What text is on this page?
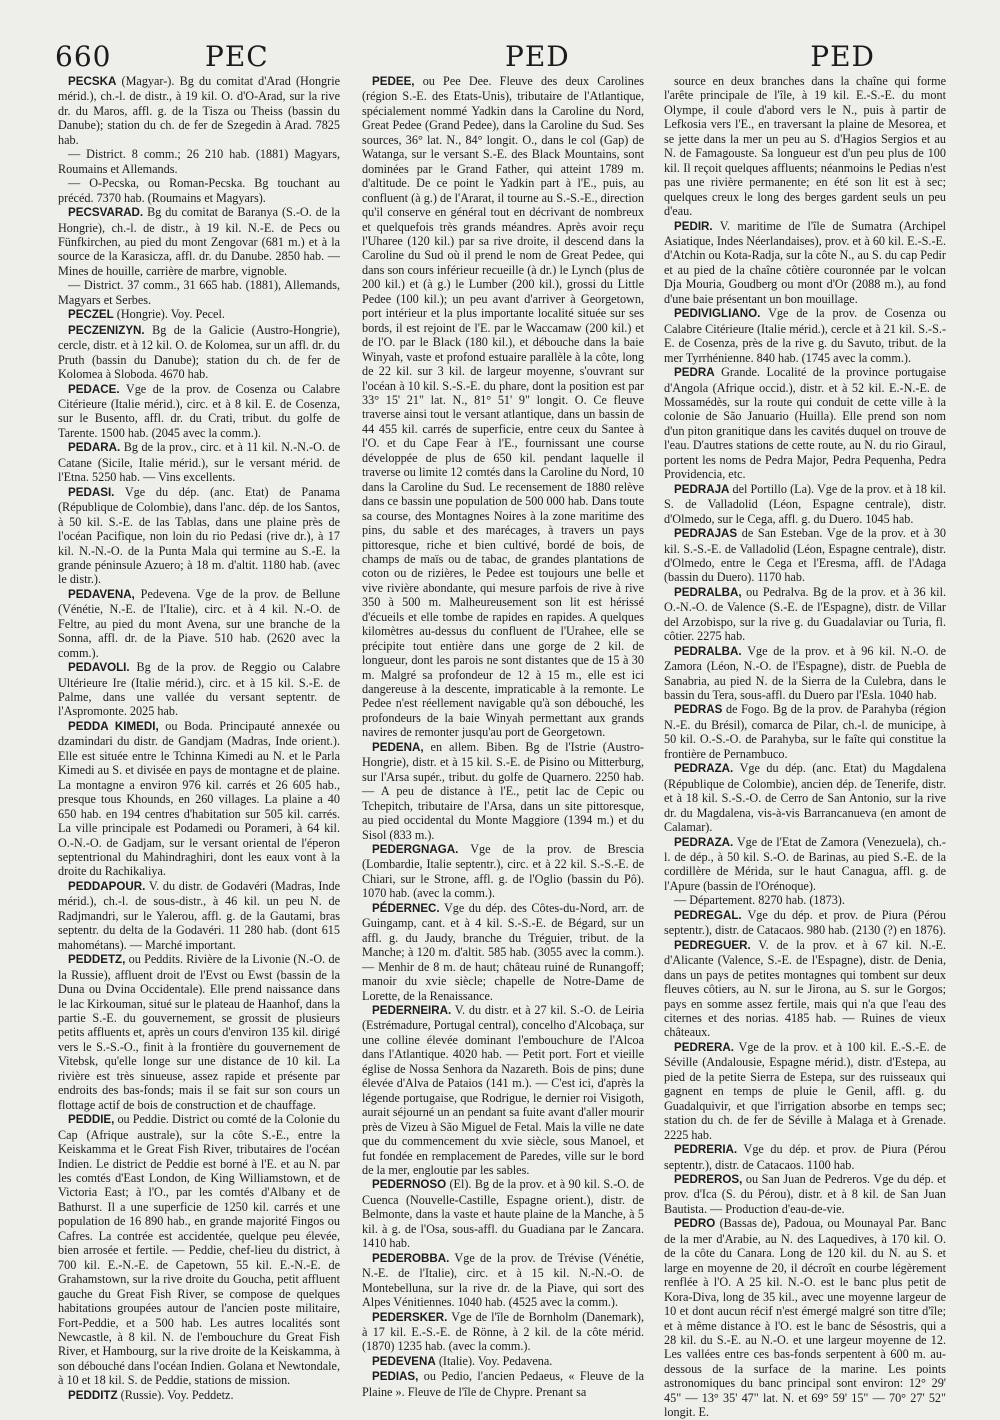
660	PEC	PED	PED

PECSKA (Magyar-). Bg du comitat d'Arad (Hongrie mérid.), ch.-l. de distr., à 19 kil. O. d'O-Arad, sur la rive dr. du Maros, affl. g. de la Tisza ou Theiss (bassin du Danube); station du ch. de fer de Szegedin à Arad. 7825 hab.

— District. 8 comm.; 26 210 hab. (1881) Magyars, Roumains et Allemands.

— O-Pecska, ou Roman-Pecska. Bg touchant au précéd. 7370 hab. (Roumains et Magyars).

PECSVARAD. Bg du comitat de Baranya (S.-O. de la Hongrie), ch.-l. de distr., à 19 kil. N.-E. de Pecs ou Fünfkirchen, au pied du mont Zengovar (681 m.) et à la source de la Karasicza, affl. dr. du Danube. 2850 hab. — Mines de houille, carrière de marbre, vignoble.

— District. 37 comm., 31 665 hab. (1881), Allemands, Magyars et Serbes.

PECZEL (Hongrie). Voy. Pecel.

PECZENIZYN. Bg de la Galicie (Austro-Hongrie), cercle, distr. et à 12 kil. O. de Kolomea, sur un affl. dr. du Pruth (bassin du Danube); station du ch. de fer de Kolomea à Sloboda. 4670 hab.

PEDACE. Vge de la prov. de Cosenza ou Calabre Citérieure (Italie mérid.), circ. et à 8 kil. E. de Cosenza, sur le Busento, affl. dr. du Crati, tribut. du golfe de Tarente. 1500 hab. (2045 avec la comm.).

PEDARA. Bg de la prov., circ. et à 11 kil. N.-N.-O. de Catane (Sicile, Italie mérid.), sur le versant mérid. de l'Etna. 5250 hab. — Vins excellents.

PEDASI. Vge du dép. (anc. Etat) de Panama (République de Colombie), dans l'anc. dép. de los Santos, à 50 kil. S.-E. de las Tablas, dans une plaine près de l'océan Pacifique, non loin du rio Pedasi (rive dr.), à 17 kil. N.-N.-O. de la Punta Mala qui termine au S.-E. la grande péninsule Azuero; à 18 m. d'altit. 1180 hab. (avec le distr.).

PEDAVENA, Pedevena. Vge de la prov. de Bellune (Vénétie, N.-E. de l'Italie), circ. et à 4 kil. N.-O. de Feltre, au pied du mont Avena, sur une branche de la Sonna, affl. dr. de la Piave. 510 hab. (2620 avec la comm.).

PEDAVOLI. Bg de la prov. de Reggio ou Calabre Ultérieure Ire (Italie mérid.), circ. et à 15 kil. S.-E. de Palme, dans une vallée du versant septentr. de l'Aspromonte. 2025 hab.

PEDDA KIMEDI, ou Boda. Principauté annexée ou dzamindari du distr. de Gandjam (Madras, Inde orient.). Elle est située entre le Tchinna Kimedi au N. et le Parla Kimedi au S. et divisée en pays de montagne et de plaine. La montagne a environ 976 kil. carrés et 26 605 hab., presque tous Khounds, en 260 villages. La plaine a 40 650 hab. en 194 centres d'habitation sur 505 kil. carrés. La ville principale est Podamedi ou Porameri, à 64 kil. O.-N.-O. de Gadjam, sur le versant oriental de l'éperon septentrional du Mahindraghiri, dont les eaux vont à la droite du Rachikaliya.

PEDDAPOUR. V. du distr. de Godavéri (Madras, Inde mérid.), ch.-l. de sous-distr., à 46 kil. un peu N. de Radjmandri, sur le Yalerou, affl. g. de la Gautami, bras septentr. du delta de la Godavéri. 11 280 hab. (dont 615 mahométans). — Marché important.

PEDDETZ, ou Peddits. Rivière de la Livonie (N.-O. de la Russie), affluent droit de l'Evst ou Ewst (bassin de la Duna ou Dvina Occidentale). Elle prend naissance dans le lac Kirkouman, situé sur le plateau de Haanhof, dans la partie S.-E. du gouvernement, se grossit de plusieurs petits affluents et, après un cours d'environ 135 kil. dirigé vers le S.-S.-O., finit à la frontière du gouvernement de Vitebsk, qu'elle longe sur une distance de 10 kil. La rivière est très sinueuse, assez rapide et présente par endroits des bas-fonds; mais il se fait sur son cours un flottage actif de bois de construction et de chauffage.

PEDDIE, ou Peddie. District ou comté de la Colonie du Cap (Afrique australe), sur la côte S.-E., entre la Keiskamma et le Great Fish River, tributaires de l'océan Indien. Le district de Peddie est borné à l'E. et au N. par les comtés d'East London, de King Williamstown, et de Victoria East; à l'O., par les comtés d'Albany et de Bathurst. Il a une superficie de 1250 kil. carrés et une population de 16 890 hab., en grande majorité Fingos ou Cafres. La contrée est accidentée, quelque peu élevée, bien arrosée et fertile. — Peddie, chef-lieu du district, à 700 kil. E.-N.-E. de Capetown, 55 kil. E.-N.-E. de Grahamstown, sur la rive droite du Goucha, petit affluent gauche du Great Fish River, se compose de quelques habitations groupées autour de l'ancien poste militaire, Fort-Peddie, et a 500 hab. Les autres localités sont Newcastle, à 8 kil. N. de l'embouchure du Great Fish River, et Hambourg, sur la rive droite de la Keiskamma, à son débouché dans l'océan Indien. Golana et Newtondale, à 10 et 18 kil. S. de Peddie, stations de mission.

PEDDITZ (Russie). Voy. Peddetz.

PEDEE, ou Pee Dee. Fleuve des deux Carolines (région S.-E. des Etats-Unis), tributaire de l'Atlantique, spécialement nommé Yadkin dans la Caroline du Nord, Great Pedee (Grand Pedee), dans la Caroline du Sud. Ses sources, 36° lat. N., 84° longit. O., dans le col (Gap) de Watanga, sur le versant S.-E. des Black Mountains, sont dominées par le Grand Father, qui atteint 1789 m. d'altitude. De ce point le Yadkin part à l'E., puis, au confluent (à g.) de l'Ararat, il tourne au S.-S.-E., direction qu'il conserve en général tout en décrivant de nombreux et quelquefois très grands méandres. Après avoir reçu l'Uharee (120 kil.) par sa rive droite, il descend dans la Caroline du Sud où il prend le nom de Great Pedee, qui dans son cours inférieur recueille (à dr.) le Lynch (plus de 200 kil.) et (à g.) le Lumber (200 kil.), grossi du Little Pedee (100 kil.); un peu avant d'arriver à Georgetown, port intérieur et la plus importante localité située sur ses bords, il est rejoint de l'E. par le Waccamaw (200 kil.) et de l'O. par le Black (180 kil.), et débouche dans la baie Winyah, vaste et profond estuaire parallèle à la côte, long de 22 kil. sur 3 kil. de largeur moyenne, s'ouvrant sur l'océan à 10 kil. S.-S.-E. du phare, dont la position est par 33° 15' 21" lat. N., 81° 51' 9" longit. O. Ce fleuve traverse ainsi tout le versant atlantique, dans un bassin de 44 455 kil. carrés de superficie, entre ceux du Santee à l'O. et du Cape Fear à l'E., fournissant une course développée de plus de 650 kil. pendant laquelle il traverse ou limite 12 comtés dans la Caroline du Nord, 10 dans la Caroline du Sud. Le recensement de 1880 relève dans ce bassin une population de 500 000 hab. Dans toute sa course, des Montagnes Noires à la zone maritime des pins, du sable et des marécages, à travers un pays pittoresque, riche et bien cultivé, bordé de bois, de champs de maïs ou de tabac, de grandes plantations de coton ou de rizières, le Pedee est toujours une belle et vive rivière abondante, qui mesure parfois de rive à rive 350 à 500 m. Malheureusement son lit est hérissé d'écueils et elle tombe de rapides en rapides. A quelques kilomètres au-dessus du confluent de l'Urahee, elle se précipite tout entière dans une gorge de 2 kil. de longueur, dont les parois ne sont distantes que de 15 à 30 m. Malgré sa profondeur de 12 à 15 m., elle est ici dangereuse à la descente, impraticable à la remonte. Le Pedee n'est réellement navigable qu'à son débouché, les profondeurs de la baie Winyah permettant aux grands navires de remonter jusqu'au port de Georgetown.

PEDENA, en allem. Biben. Bg de l'Istrie (Austro-Hongrie), distr. et à 15 kil. S.-E. de Pisino ou Mitterburg, sur l'Arsa supér., tribut. du golfe de Quarnero. 2250 hab. — A peu de distance à l'E., petit lac de Cepic ou Tchepitch, tributaire de l'Arsa, dans un site pittoresque, au pied occidental du Monte Maggiore (1394 m.) et du Sisol (833 m.).

PEDERGNAGA. Vge de la prov. de Brescia (Lombardie, Italie septentr.), circ. et à 22 kil. S.-S.-E. de Chiari, sur le Strone, affl. g. de l'Oglio (bassin du Pô). 1070 hab. (avec la comm.).

PÉDERNEC. Vge du dép. des Côtes-du-Nord, arr. de Guingamp, cant. et à 4 kil. S.-S.-E. de Bégard, sur un affl. g. du Jaudy, branche du Tréguier, tribut. de la Manche; à 120 m. d'altit. 585 hab. (3055 avec la comm.). — Menhir de 8 m. de haut; château ruiné de Runangoff; manoir du xvie siècle; chapelle de Notre-Dame de Lorette, de la Renaissance.

PEDERNEIRA. V. du distr. et à 27 kil. S.-O. de Leiria (Estrémadure, Portugal central), concelho d'Alcobaça, sur une colline élevée dominant l'embouchure de l'Alcoa dans l'Atlantique. 4020 hab. — Petit port. Fort et vieille église de Nossa Senhora da Nazareth. Bois de pins; dune élevée d'Alva de Pataios (141 m.). — C'est ici, d'après la légende portugaise, que Rodrigue, le dernier roi Visigoth, aurait séjourné un an pendant sa fuite avant d'aller mourir près de Vizeu à São Miguel de Fetal. Mais la ville ne date que du commencement du xvie siècle, sous Manoel, et fut fondée en remplacement de Paredes, ville sur le bord de la mer, engloutie par les sables.

PEDERNOSO (El). Bg de la prov. et à 90 kil. S.-O. de Cuenca (Nouvelle-Castille, Espagne orient.), distr. de Belmonte, dans la vaste et haute plaine de la Manche, à 5 kil. à g. de l'Osa, sous-affl. du Guadiana par le Zancara. 1410 hab.

PEDEROBBA. Vge de la prov. de Trévise (Vénétie, N.-E. de l'Italie), circ. et à 15 kil. N.-N.-O. de Montebelluna, sur la rive dr. de la Piave, qui sort des Alpes Vénitiennes. 1040 hab. (4525 avec la comm.).

PEDERSKER. Vge de l'île de Bornholm (Danemark), à 17 kil. E.-S.-E. de Rönne, à 2 kil. de la côte mérid. (1870) 1235 hab. (avec la comm.).

PEDEVENA (Italie). Voy. Pedavena.

PEDIAS, ou Pedio, l'ancien Pedaeus, « Fleuve de la Plaine ». Fleuve de l'île de Chypre. Prenant sa

source en deux branches dans la chaîne qui forme l'arête principale de l'île, à 19 kil. E.-S.-E. du mont Olympe, il coule d'abord vers le N., puis à partir de Lefkosia vers l'E., en traversant la plaine de Mesorea, et se jette dans la mer un peu au S. d'Hagios Sergios et au N. de Famagouste. Sa longueur est d'un peu plus de 100 kil. Il reçoit quelques affluents; néanmoins le Pedias n'est pas une rivière permanente; en été son lit est à sec; quelques creux le long des berges gardent seuls un peu d'eau.

PEDIR. V. maritime de l'île de Sumatra (Archipel Asiatique, Indes Néerlandaises), prov. et à 60 kil. E.-S.-E. d'Atchin ou Kota-Radja, sur la côte N., au S. du cap Pedir et au pied de la chaîne côtière couronnée par le volcan Dja Mouria, Goudberg ou mont d'Or (2088 m.), au fond d'une baie présentant un bon mouillage.

PEDIVIGLIANO. Vge de la prov. de Cosenza ou Calabre Citérieure (Italie mérid.), cercle et à 21 kil. S.-S.-E. de Cosenza, près de la rive g. du Savuto, tribut. de la mer Tyrrhénienne. 840 hab. (1745 avec la comm.).

PEDRA Grande. Localité de la province portugaise d'Angola (Afrique occid.), distr. et à 52 kil. E.-N.-E. de Mossamédès, sur la route qui conduit de cette ville à la colonie de São Januario (Huilla). Elle prend son nom d'un piton granitique dans les cavités duquel on trouve de l'eau. D'autres stations de cette route, au N. du rio Giraul, portent les noms de Pedra Major, Pedra Pequenha, Pedra Providencia, etc.

PEDRAJA del Portillo (La). Vge de la prov. et à 18 kil. S. de Valladolid (Léon, Espagne centrale), distr. d'Olmedo, sur le Cega, affl. g. du Duero. 1045 hab.

PEDRAJAS de San Esteban. Vge de la prov. et à 30 kil. S.-S.-E. de Valladolid (Léon, Espagne centrale), distr. d'Olmedo, entre le Cega et l'Eresma, affl. de l'Adaga (bassin du Duero). 1170 hab.

PEDRALBA, ou Pedralva. Bg de la prov. et à 36 kil. O.-N.-O. de Valence (S.-E. de l'Espagne), distr. de Villar del Arzobispo, sur la rive g. du Guadalaviar ou Turia, fl. côtier. 2275 hab.

PEDRALBA. Vge de la prov. et à 96 kil. N.-O. de Zamora (Léon, N.-O. de l'Espagne), distr. de Puebla de Sanabria, au pied N. de la Sierra de la Culebra, dans le bassin du Tera, sous-affl. du Duero par l'Esla. 1040 hab.

PEDRAS de Fogo. Bg de la prov. de Parahyba (région N.-E. du Brésil), comarca de Pilar, ch.-l. de municipe, à 50 kil. O.-S.-O. de Parahyba, sur le faîte qui constitue la frontière de Pernambuco.

PEDRAZA. Vge du dép. (anc. Etat) du Magdalena (République de Colombie), ancien dép. de Tenerife, distr. et à 18 kil. S.-S.-O. de Cerro de San Antonio, sur la rive dr. du Magdalena, vis-à-vis Barrancanueva (en amont de Calamar).

PEDRAZA. Vge de l'Etat de Zamora (Venezuela), ch.-l. de dép., à 50 kil. S.-O. de Barinas, au pied S.-E. de la cordillère de Mérida, sur le haut Canagua, affl. g. de l'Apure (bassin de l'Orénoque).

— Département. 8270 hab. (1873).

PEDREGAL. Vge du dép. et prov. de Piura (Pérou septentr.), distr. de Catacaos. 980 hab. (2130 (?) en 1876).

PEDREGUER. V. de la prov. et à 67 kil. N.-E. d'Alicante (Valence, S.-E. de l'Espagne), distr. de Denia, dans un pays de petites montagnes qui tombent sur deux fleuves côtiers, au N. sur le Jirona, au S. sur le Gorgos; pays en somme assez fertile, mais qui n'a que l'eau des citernes et des norias. 4185 hab. — Ruines de vieux châteaux.

PEDRERA. Vge de la prov. et à 100 kil. E.-S.-E. de Séville (Andalousie, Espagne mérid.), distr. d'Estepa, au pied de la petite Sierra de Estepa, sur des ruisseaux qui gagnent en temps de pluie le Genil, affl. g. du Guadalquivir, et que l'irrigation absorbe en temps sec; station du ch. de fer de Séville à Malaga et à Grenade. 2225 hab.

PEDRERIA. Vge du dép. et prov. de Piura (Pérou septentr.), distr. de Catacaos. 1100 hab.

PEDREROS, ou San Juan de Pedreros. Vge du dép. et prov. d'Ica (S. du Pérou), distr. et à 8 kil. de San Juan Bautista. — Production d'eau-de-vie.

PEDRO (Bassas de), Padoua, ou Mounayal Par. Banc de la mer d'Arabie, au N. des Laquedives, à 170 kil. O. de la côte du Canara. Long de 120 kil. du N. au S. et large en moyenne de 20, il décroît en courbe légèrement renflée à l'O. A 25 kil. N.-O. est le banc plus petit de Kora-Diva, long de 35 kil., avec une moyenne largeur de 10 et dont aucun récif n'est émergé malgré son titre d'île; et à même distance à l'O. est le banc de Sésostris, qui a 28 kil. du S.-E. au N.-O. et une largeur moyenne de 12. Les vallées entre ces bas-fonds serpentent à 600 m. au-dessous de la surface de la marine. Les points astronomiques du banc principal sont environ: 12° 29' 45" — 13° 35' 47" lat. N. et 69° 59' 15" — 70° 27' 52" longit. E.
